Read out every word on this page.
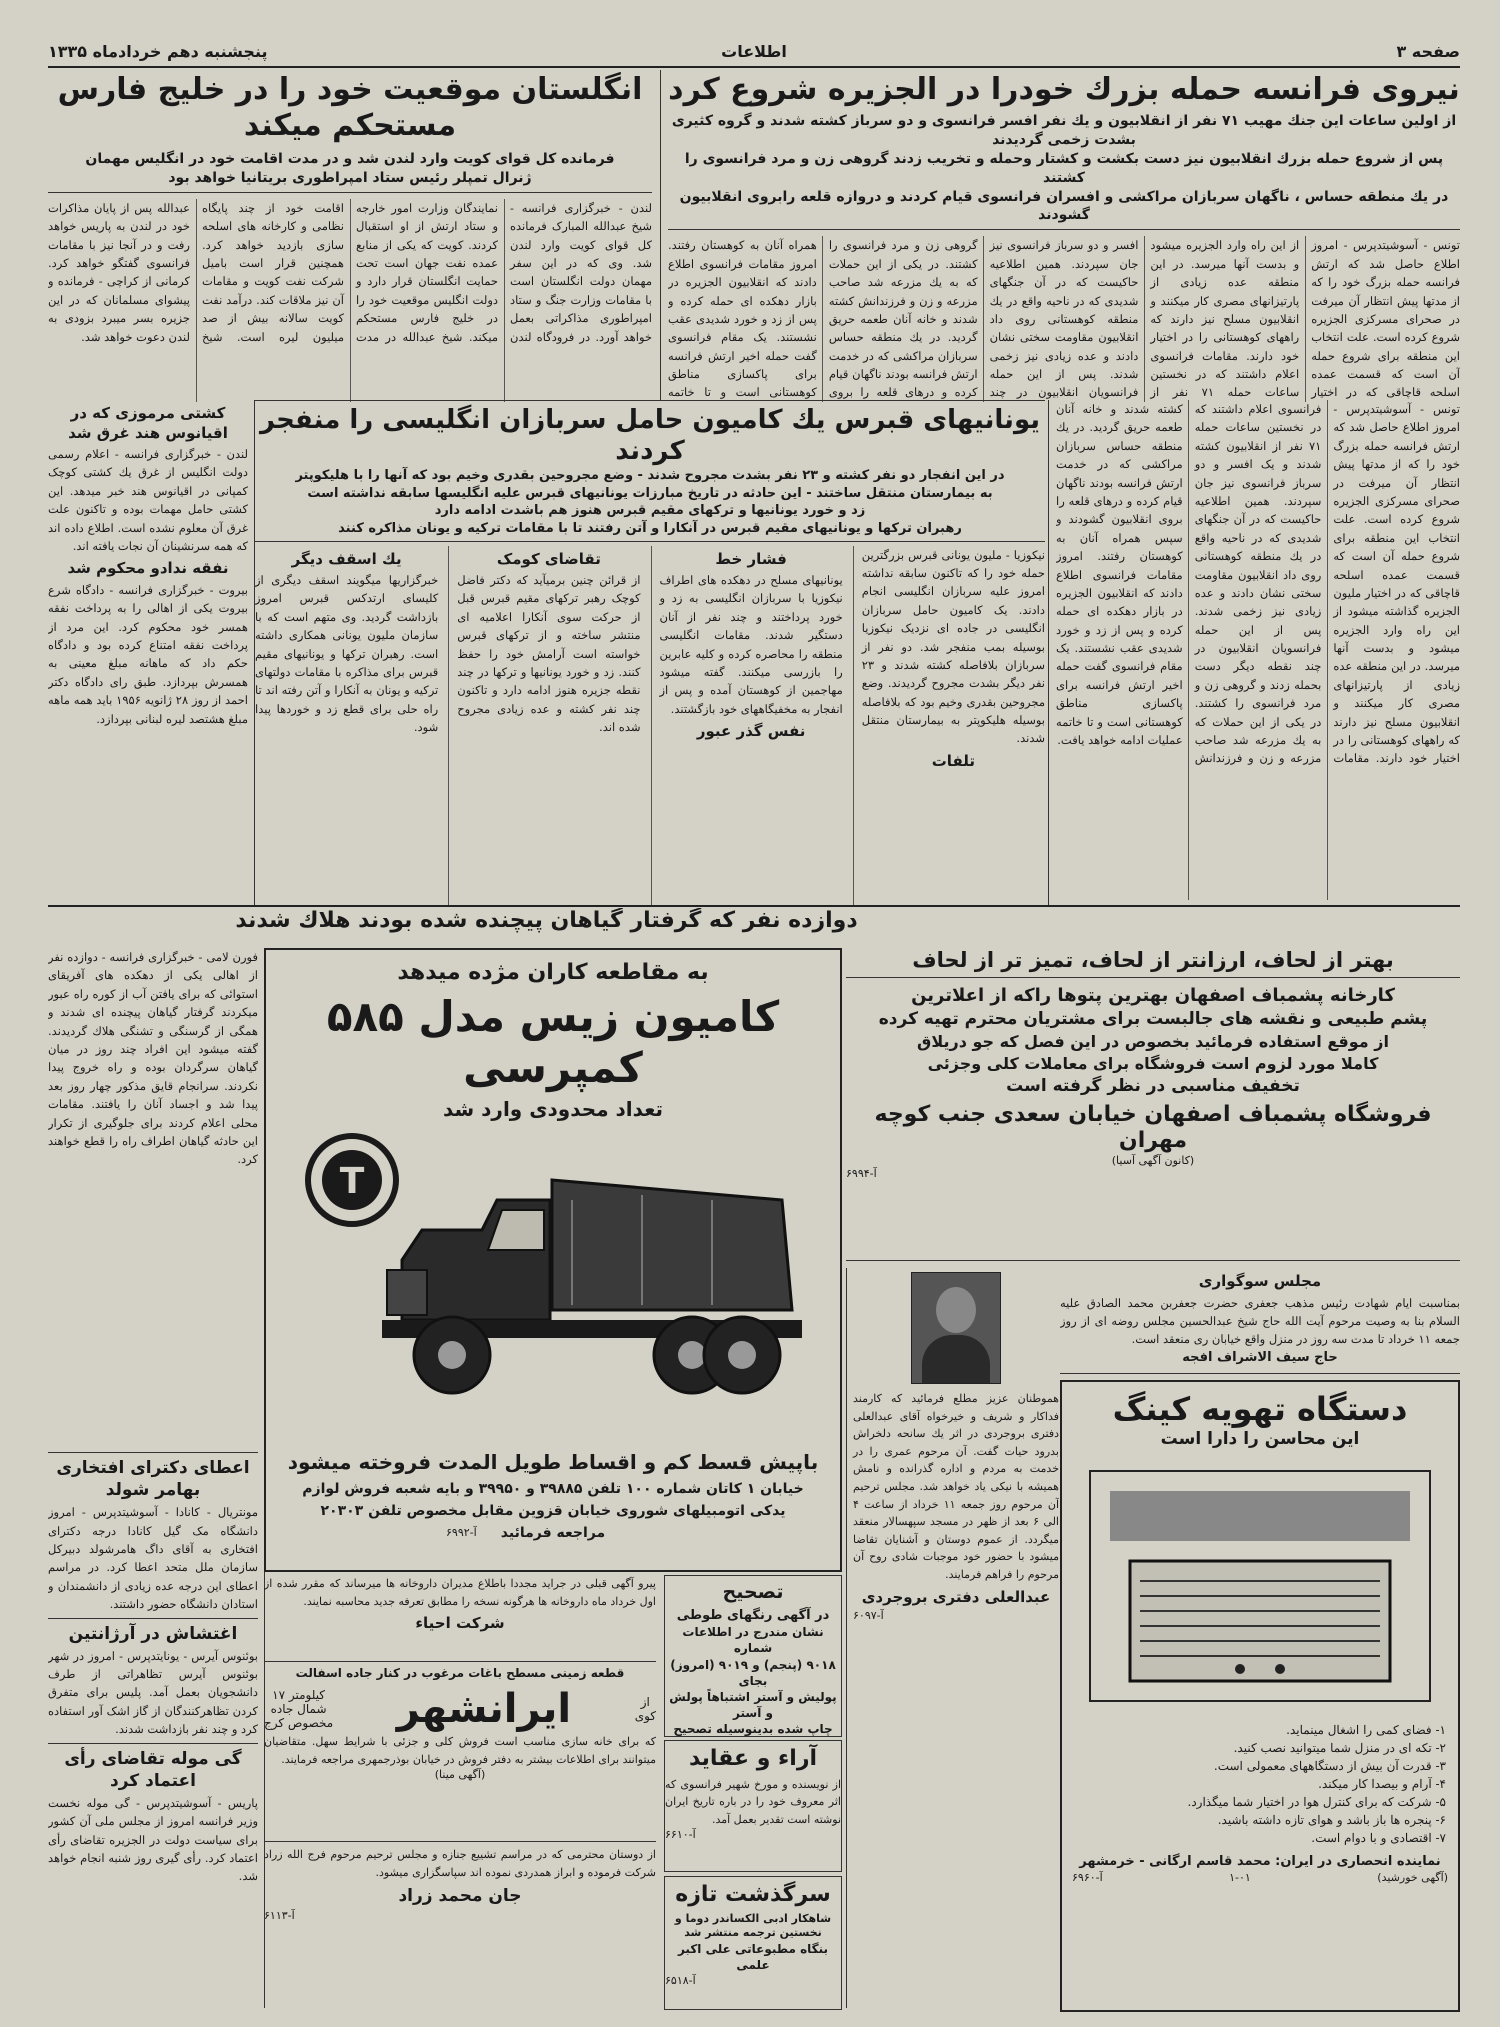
صفحه ۳
اطلاعات
پنجشنبه دهم خردادماه ۱۳۳۵
نیروی فرانسه حمله بزرك خودرا در الجزیره شروع کرد
از اولین ساعات این جنك مهیب ۷۱ نفر از انقلابیون و یك نفر افسر فرانسوی و دو سرباز کشته شدند و گروه کثیری بشدت زخمی گردیدند
پس از شروع حمله بزرك انقلابیون نیز دست بکشت و کشتار وحمله و تخریب زدند گروهی زن و مرد فرانسوی را کشتند
در یك منطقه حساس ، ناگهان سربازان مراکشی و افسران فرانسوی قیام کردند و دروازه قلعه رابروی انقلابیون گشودند
تونس - آسوشیتدپرس - امروز اطلاع حاصل شد که ارتش فرانسه حمله بزرگ خود را که از مدتها پیش انتظار آن میرفت در صحرای مسرکزی الجزیره شروع کرده است. علت انتخاب این منطقه برای شروع حمله آن است که قسمت عمده اسلحه قاچاقی که در اختیار از این راه وارد الجزیره میشود و بدست آنها میرسد. در این منطقه عده زیادی از پارتیزانهای مصری کار میکنند و انقلابیون مسلح نیز دارند که راههای کوهستانی را در اختیار خود دارند. مقامات فرانسوی اعلام داشتند که در نخستین ساعات حمله ۷۱ نفر از افسر و دو سرباز فرانسوی نیز جان سپردند. همین اطلاعیه حاکیست که در آن جنگهای شدیدی که در ناحیه واقع در یك منطقه کوهستانی روی داد انقلابیون مقاومت سختی نشان دادند و عده زیادی نیز زخمی شدند. پس از این حمله فرانسویان انقلابیون در چند گروهی زن و مرد فرانسوی را کشتند. در یکی از این حملات که به یك مزرعه شد صاحب مزرعه و زن و فرزندانش کشته شدند و خانه آنان طعمه حریق گردید. در یك منطقه حساس سربازان مراکشی که در خدمت ارتش فرانسه بودند ناگهان قیام کرده و درهای قلعه را بروی همراه آنان به کوهستان رفتند. امروز مقامات فرانسوی اطلاع دادند که انقلابیون الجزیره در بازار دهکده ای حمله کرده و پس از زد و خورد شدیدی عقب نشستند. یک مقام فرانسوی گفت حمله اخیر ارتش فرانسه برای پاکسازی مناطق کوهستانی است و تا خاتمه
انگلستان موقعیت خود را در خلیج فارس مستحکم میکند
فرمانده کل قوای کویت وارد لندن شد و در مدت اقامت خود در انگلیس مهمان
ژنرال تمپلر رئیس ستاد امپراطوری بریتانیا خواهد بود
لندن - خبرگزاری فرانسه - شیخ عبدالله المبارک فرمانده کل قوای کویت وارد لندن شد. وی که در این سفر مهمان دولت انگلستان است با مقامات وزارت جنگ و ستاد امپراطوری مذاکراتی بعمل خواهد آورد. در فرودگاه لندن نمایندگان وزارت امور خارجه و ستاد ارتش از او استقبال کردند. کویت که یکی از منابع عمده نفت جهان است تحت حمایت انگلستان قرار دارد و دولت انگلیس موقعیت خود را در خلیج فارس مستحکم میکند. شیخ عبدالله در مدت اقامت خود از چند پایگاه نظامی و کارخانه های اسلحه سازی بازدید خواهد کرد. همچنین قرار است بامیل شرکت نفت کویت و مقامات آن نیز ملاقات کند. درآمد نفت کویت سالانه بیش از صد میلیون لیره است. شیخ عبدالله پس از پایان مذاکرات خود در لندن به پاریس خواهد رفت و در آنجا نیز با مقامات فرانسوی گفتگو خواهد کرد. کرمانی از کراچی - فرمانده و پیشوای مسلمانان که در این جزیره بسر میبرد بزودی به لندن دعوت خواهد شد.
یونانیهای قبرس یك کامیون حامل سربازان انگلیسی را منفجر کردند
در این انفجار دو نفر کشته و ۲۳ نفر بشدت مجروح شدند - وضع مجروحین بقدری وخیم بود که آنها را با هلیکوپتر
به بیمارستان منتقل ساختند - این حادثه در تاریخ مبارزات یونانیهای قبرس علیه انگلیسها سابقه نداشته است
زد و خورد یونانیها و ترکهای مقیم قبرس هنوز هم باشدت ادامه دارد
رهبران ترکها و یونانیهای مقیم قبرس در آنکارا و آتن رفتند تا با مقامات ترکیه و یونان مذاکره کنند
نیکوزیا - ملیون یونانی قبرس بزرگترین حمله خود را که تاکنون سابقه نداشته امروز علیه سربازان انگلیسی انجام دادند. یک کامیون حامل سربازان انگلیسی در جاده ای نزدیک نیکوزیا بوسیله بمب منفجر شد. دو نفر از سربازان بلافاصله کشته شدند و ۲۳ نفر دیگر بشدت مجروح گردیدند. وضع مجروحین بقدری وخیم بود که بلافاصله بوسیله هلیکوپتر به بیمارستان منتقل شدند.
تلفات
فشار خط
یونانیهای مسلح در دهکده های اطراف نیکوزیا با سربازان انگلیسی به زد و خورد پرداختند و چند نفر از آنان دستگیر شدند. مقامات انگلیسی منطقه را محاصره کرده و کلیه عابرین را بازرسی میکنند. گفته میشود مهاجمین از کوهستان آمده و پس از انفجار به مخفیگاههای خود بازگشتند.
نفس گذر عبور
تقاضای کومک
از قرائن چنین برمیآید که دکتر فاضل کوچک رهبر ترکهای مقیم قبرس قبل از حرکت سوی آنکارا اعلامیه ای منتشر ساخته و از ترکهای قبرس خواسته است آرامش خود را حفظ کنند. زد و خورد یونانیها و ترکها در چند نقطه جزیره هنوز ادامه دارد و تاکنون چند نفر کشته و عده زیادی مجروح شده اند.
یك اسقف دیگر
خبرگزاریها میگویند اسقف دیگری از کلیسای ارتدکس قبرس امروز بازداشت گردید. وی متهم است که با سازمان ملیون یونانی همکاری داشته است. رهبران ترکها و یونانیهای مقیم قبرس برای مذاکره با مقامات دولتهای ترکیه و یونان به آنکارا و آتن رفته اند تا راه حلی برای قطع زد و خوردها پیدا شود.
کشتی مرموزی که در اقیانوس هند غرق شد
لندن - خبرگزاری فرانسه - اعلام رسمی دولت انگلیس از غرق یك کشتی کوچک کمپانی در اقیانوس هند خبر میدهد. این کشتی حامل مهمات بوده و تاکنون علت غرق آن معلوم نشده است. اطلاع داده اند که همه سرنشینان آن نجات یافته اند.
نفقه ندادو محکوم شد
بیروت - خبرگزاری فرانسه - دادگاه شرع بیروت یکی از اهالی را به پرداخت نفقه همسر خود محکوم کرد. این مرد از پرداخت نفقه امتناع کرده بود و دادگاه حکم داد که ماهانه مبلغ معینی به همسرش بپردازد. طبق رای دادگاه دکتر احمد از روز ۲۸ ژانویه ۱۹۵۶ باید همه ماهه مبلغ هشتصد لیره لبنانی بپردازد.
تونس - آسوشیتدپرس - امروز اطلاع حاصل شد که ارتش فرانسه حمله بزرگ خود را که از مدتها پیش انتظار آن میرفت در صحرای مسرکزی الجزیره شروع کرده است. علت انتخاب این منطقه برای شروع حمله آن است که قسمت عمده اسلحه قاچاقی که در اختیار ملیون الجزیره گذاشته میشود از این راه وارد الجزیره میشود و بدست آنها میرسد. در این منطقه عده زیادی از پارتیزانهای مصری کار میکنند و انقلابیون مسلح نیز دارند که راههای کوهستانی را در اختیار خود دارند. مقامات فرانسوی اعلام داشتند که در نخستین ساعات حمله ۷۱ نفر از انقلابیون کشته شدند و یک افسر و دو سرباز فرانسوی نیز جان سپردند. همین اطلاعیه حاکیست که در آن جنگهای شدیدی که در ناحیه واقع در یك منطقه کوهستانی روی داد انقلابیون مقاومت سختی نشان دادند و عده زیادی نیز زخمی شدند. پس از این حمله فرانسویان انقلابیون در چند نقطه دیگر دست بحمله زدند و گروهی زن و مرد فرانسوی را کشتند. در یکی از این حملات که به یك مزرعه شد صاحب مزرعه و زن و فرزندانش کشته شدند و خانه آنان طعمه حریق گردید. در یك منطقه حساس سربازان مراکشی که در خدمت ارتش فرانسه بودند ناگهان قیام کرده و درهای قلعه را بروی انقلابیون گشودند و سپس همراه آنان به کوهستان رفتند. امروز مقامات فرانسوی اطلاع دادند که انقلابیون الجزیره در بازار دهکده ای حمله کرده و پس از زد و خورد شدیدی عقب نشستند. یک مقام فرانسوی گفت حمله اخیر ارتش فرانسه برای پاکسازی مناطق کوهستانی است و تا خاتمه عملیات ادامه خواهد یافت.
دوازده نفر که گرفتار گیاهان پیچنده شده بودند هلاك شدند
فورن لامی - خبرگزاری فرانسه - دوازده نفر از اهالی یکی از دهکده های آفریقای استوائی که برای یافتن آب از کوره راه عبور میکردند گرفتار گیاهان پیچنده ای شدند و همگی از گرسنگی و تشنگی هلاك گردیدند. گفته میشود این افراد چند روز در میان گیاهان سرگردان بوده و راه خروج پیدا نکردند. سرانجام قایق مذکور چهار روز بعد پیدا شد و اجساد آنان را یافتند. مقامات محلی اعلام کردند برای جلوگیری از تکرار این حادثه گیاهان اطراف راه را قطع خواهند کرد.
اعطای دکترای افتخاری بهامر شولد
مونتریال - کانادا - آسوشیتدپرس - امروز دانشگاه مک گیل کانادا درجه دکترای افتخاری به آقای داگ هامرشولد دبیرکل سازمان ملل متحد اعطا کرد. در مراسم اعطای این درجه عده زیادی از دانشمندان و استادان دانشگاه حضور داشتند.
اغتشاش در آرژانتین
بوئنوس آیرس - یونایتدپرس - امروز در شهر بوئنوس آیرس تظاهراتی از طرف دانشجویان بعمل آمد. پلیس برای متفرق کردن تظاهرکنندگان از گاز اشک آور استفاده کرد و چند نفر بازداشت شدند.
گی موله تقاضای رأی اعتماد کرد
پاریس - آسوشیتدپرس - گی موله نخست وزیر فرانسه امروز از مجلس ملی آن کشور برای سیاست دولت در الجزیره تقاضای رأی اعتماد کرد. رأی گیری روز شنبه انجام خواهد شد.
به مقاطعه کاران مژده میدهد
کامیون زیس مدل ۵۸۵ کمپرسی
تعداد محدودی وارد شد
T
باپیش قسط کم و اقساط طویل المدت فروخته میشود
خیابان ۱ کاتان شماره ۱۰۰ تلفن ۳۹۸۸۵ و ۳۹۹۵۰ و بایه شعبه فروش لوازم
یدکی اتومبیلهای شوروی خیابان قزوین مقابل مخصوص تلفن ۲۰۳۰۳
مراجعه فرمائید
آ-۶۹۹۲
بهتر از لحاف، ارزانتر از لحاف، تمیز تر از لحاف
کارخانه پشمباف اصفهان بهترین پتوها راکه از اعلاترین
پشم طبیعی و نقشه های جالبست برای مشتریان محترم تهیه کرده
از موقع استفاده فرمائید بخصوص در این فصل که جو دریلاق
کاملا مورد لزوم است فروشگاه برای معاملات کلی وجزئی
تخفیف مناسبی در نظر گرفته است
فروشگاه پشمباف اصفهان خیابان سعدی جنب کوچه مهران
(کانون آگهی آسیا)
آ-۶۹۹۴
مجلس سوگواری
بمناسبت ایام شهادت رئیس مذهب جعفری حضرت جعفربن محمد الصادق علیه السلام بنا به وصیت مرحوم آیت الله حاج شیخ عبدالحسین مجلس روضه ای از روز جمعه ۱۱ خرداد تا مدت سه روز در منزل واقع خیابان ری منعقد است.
حاج سیف الاشراف افجه
هموطنان عزیز مطلع فرمائید که کارمند فداکار و شریف و خیرخواه آقای عبدالعلی دفتری بروجردی در اثر یك سانحه دلخراش بدرود حیات گفت. آن مرحوم عمری را در خدمت به مردم و اداره گذرانده و نامش همیشه با نیکی یاد خواهد شد. مجلس ترحیم آن مرحوم روز جمعه ۱۱ خرداد از ساعت ۴ الی ۶ بعد از ظهر در مسجد سپهسالار منعقد میگردد. از عموم دوستان و آشنایان تقاضا میشود با حضور خود موجبات شادی روح آن مرحوم را فراهم فرمایند.
عبدالعلی دفتری بروجردی
آ-۶۰۹۷
دستگاه تهویه کینگ
این محاسن را دارا است
۱- فضای کمی را اشغال مینماید.
۲- تکه ای در منزل شما میتوانید نصب کنید.
۳- قدرت آن بیش از دستگاههای معمولی است.
۴- آرام و بیصدا کار میکند.
۵- شرکت که برای کنترل هوا در اختیار شما میگذارد.
۶- پنجره ها باز باشد و هوای تازه داشته باشید.
۷- اقتصادی و با دوام است.
نماینده انحصاری در ایران: محمد قاسم ارگانی - خرمشهر
(آگهی خورشید)
۱-۰۱
آ-۶۹۶۰
تصحیح
در آگهی رنگهای طوطی
نشان مندرج در اطلاعات شماره
۹۰۱۸ (پنجم) و ۹۰۱۹ (امروز) بجای
پولیش و آستر اشتباهاً پولش و آستر
چاپ شده بدینوسیله تصحیح
پیرو آگهی قبلی در جراید مجددا باطلاع مدیران داروخانه ها میرساند که مقرر شده از اول خرداد ماه داروخانه ها هرگونه نسخه را مطابق تعرفه جدید محاسبه نمایند.
شرکت احیاء
قطعه زمینی مسطح باغات مرغوب در کنار جاده اسفالت
از
کوی
ایرانشهر
کیلومتر ۱۷
شمال جاده
مخصوص کرج
که برای خانه سازی مناسب است فروش کلی و جزئی با شرایط سهل. متقاضیان میتوانند برای اطلاعات بیشتر به دفتر فروش در خیابان بوذرجمهری مراجعه فرمایند.
(آگهی مینا)
آراء و عقاید
از نویسنده و مورخ شهیر فرانسوی که اثر معروف خود را در باره تاریخ ایران نوشته است تقدیر بعمل آمد.
آ-۶۶۱۰
از دوستان محترمی که در مراسم تشییع جنازه و مجلس ترحیم مرحوم فرج الله زراد شرکت فرموده و ابراز همدردی نموده اند سپاسگزاری میشود.
جان محمد زراد
آ-۶۱۱۳
سرگذشت تازه
شاهکار ادبی الکساندر دوما و نخستین ترجمه منتشر شد
بنگاه مطبوعاتی علی اکبر علمی
آ-۶۵۱۸
